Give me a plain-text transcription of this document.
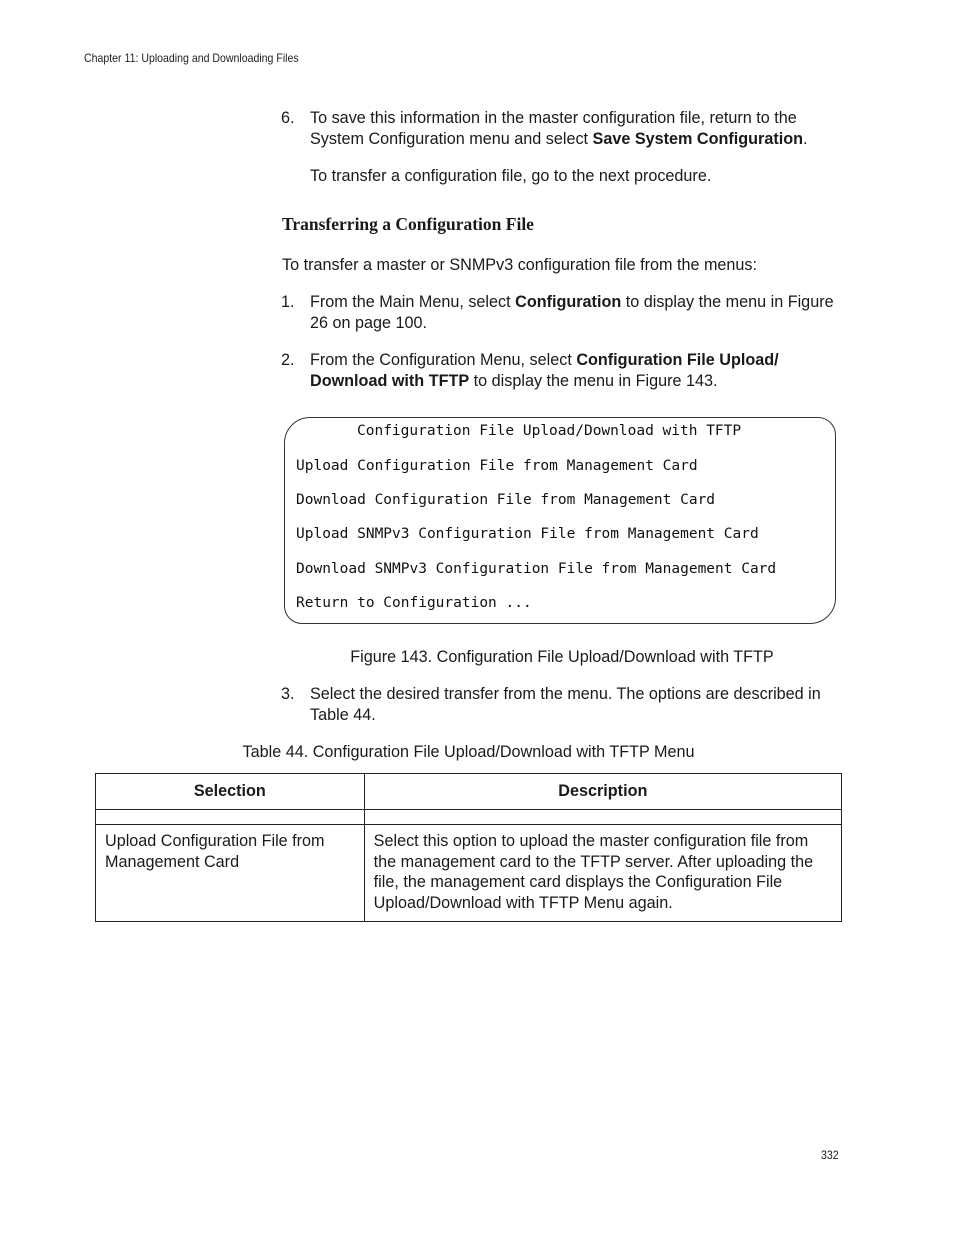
Chapter 11: Uploading and Downloading Files
6. To save this information in the master configuration file, return to the System Configuration menu and select Save System Configuration.
To transfer a configuration file, go to the next procedure.
Transferring a Configuration File
To transfer a master or SNMPv3 configuration file from the menus:
1. From the Main Menu, select Configuration to display the menu in Figure 26 on page 100.
2. From the Configuration Menu, select Configuration File Upload/ Download with TFTP to display the menu in Figure 143.
Configuration File Upload/Download with TFTP
Upload Configuration File from Management Card
Download Configuration File from Management Card
Upload SNMPv3 Configuration File from Management Card
Download SNMPv3 Configuration File from Management Card
Return to Configuration ...
Figure 143. Configuration File Upload/Download with TFTP
3. Select the desired transfer from the menu. The options are described in Table 44.
Table 44. Configuration File Upload/Download with TFTP Menu
Selection	Description

Upload Configuration File from Management Card	Select this option to upload the master configuration file from the management card to the TFTP server. After uploading the file, the management card displays the Configuration File Upload/Download with TFTP Menu again.
332
